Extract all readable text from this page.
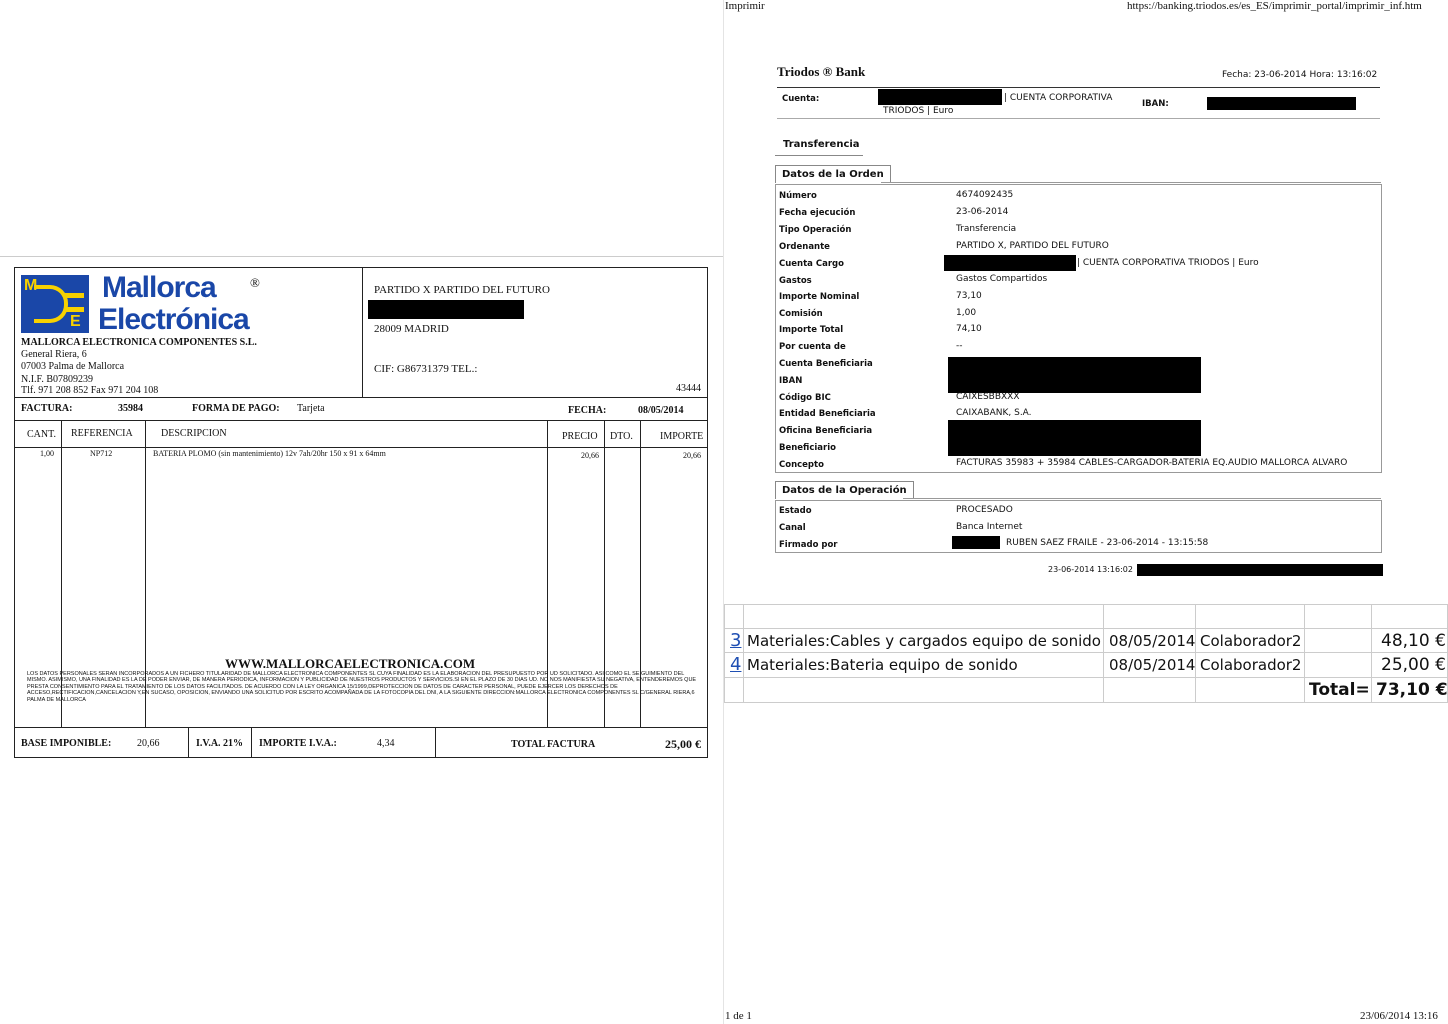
M
E
Mallorca
Electrónica
®
MALLORCA ELECTRONICA COMPONENTES S.L.
General Riera, 6
07003 Palma de Mallorca
N.I.F. B07809239
Tlf. 971 208 852 Fax 971 204 108
PARTIDO X PARTIDO DEL FUTURO
28009 MADRID
CIF: G86731379 TEL.:
43444
FACTURA:	35984	FORMA DE PAGO: Tarjeta	FECHA:	08/05/2014
CANT. REFERENCIA	DESCRIPCION	PRECIO DTO.	IMPORTE
1,00	NP712	BATERIA PLOMO (sin mantenimiento) 12v 7ah/20hr 150 x 91 x 64mm	20,66	20,66
WWW.MALLORCAELECTRONICA.COM
LOS DATOS PERSONALES SERAN INCORPORADOS A UN FICHERO TITULARIDAD DE MALLORCA ELECTRONICA COMPONENTES SL CUYA FINALIDAD ES LA ELABORACION DEL PRESUPUESTO POR UD SOLICITADO. ASI COMO EL SE GUIMIENTO DEL MISMO. ASIMISMO, UNA FINALIDAD ES LA DE PODER ENVIAR, DE MANERA PERIODICA, INFORMACION Y PUBLICIDAD DE NUESTROS PRODUCTOS Y SERVICIOS.SI EN EL PLAZO DE 30 DIAS UD. NO NOS MANIFIESTA SU NEGATIVA, ENTENDEREMOS QUE PRESTA CONSENTIMIENTO PARA EL TRATAMIENTO DE LOS DATOS FACILITADOS. DE ACUERDO CON LA LEY ORGANICA 15/1999,DEPROTECCION DE DATOS DE CARACTER PERSONAL, PUEDE EJERCER LOS DERECHOS DE ACCESO,RECTIFICACION,CANCELACION Y,EN SUCASO, OPOSICION, ENVIANDO UNA SOLICITUD POR ESCRITO ACOMPAÑADA DE LA FOTOCOPIA DEL DNI, A LA SIGUIENTE DIRECCION:MALLORCA ELECTRONICA COMPONENTES SL C/GENERAL RIERA,6 PALMA DE MALLORCA
BASE IMPONIBLE:	20,66	I.V.A. 21% IMPORTE I.V.A.:	4,34	TOTAL FACTURA	25,00 €
Imprimir	https://banking.triodos.es/es_ES/imprimir_portal/imprimir_inf.htm
Triodos ® Bank	Fecha: 23-06-2014 Hora: 13:16:02
Cuenta:	| CUENTA CORPORATIVA
TRIODOS | Euro
IBAN:
Transferencia
Datos de la Orden
Número	4674092435
Fecha ejecución	23-06-2014
Tipo Operación	Transferencia
Ordenante	PARTIDO X, PARTIDO DEL FUTURO
Cuenta Cargo	| CUENTA CORPORATIVA TRIODOS | Euro
Gastos	Gastos Compartidos
Importe Nominal	73,10
Comisión	1,00
Importe Total	74,10
Por cuenta de	--
Cuenta Beneficiaria
IBAN
Código BIC	CAIXESBBXXX
Entidad Beneficiaria	CAIXABANK, S.A.
Oficina Beneficiaria
Beneficiario
Concepto	FACTURAS 35983 + 35984 CABLES-CARGADOR-BATERIA EQ.AUDIO MALLORCA ALVARO
Datos de la Operación
Estado	PROCESADO
Canal	Banca Internet
Firmado por	RUBEN SAEZ FRAILE - 23-06-2014 - 13:15:58
23-06-2014 13:16:02
3 Materiales:Cables y cargados equipo de sonido 08/05/2014 Colaborador2	48,10 €
4 Materiales:Bateria equipo de sonido	08/05/2014 Colaborador2	25,00 €
Total= 73,10 €
1 de 1	23/06/2014 13:16
